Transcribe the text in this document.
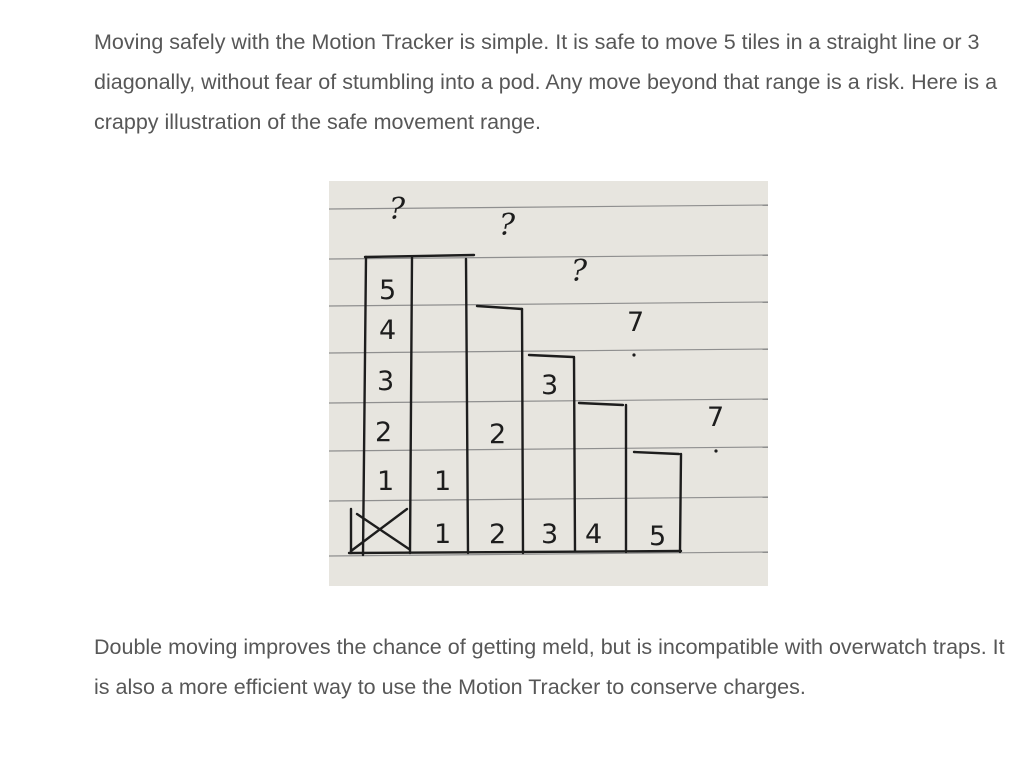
Moving safely with the Motion Tracker is simple. It is safe to move 5 tiles in a straight line or 3 diagonally, without fear of stumbling into a pod. Any move beyond that range is a risk. Here is a crappy illustration of the safe movement range.

5
4
3
2
1
2
1
3
1 2 3 4 5
?	?
?
7
7

Double moving improves the chance of getting meld, but is incompatible with overwatch traps. It is also a more efficient way to use the Motion Tracker to conserve charges.
